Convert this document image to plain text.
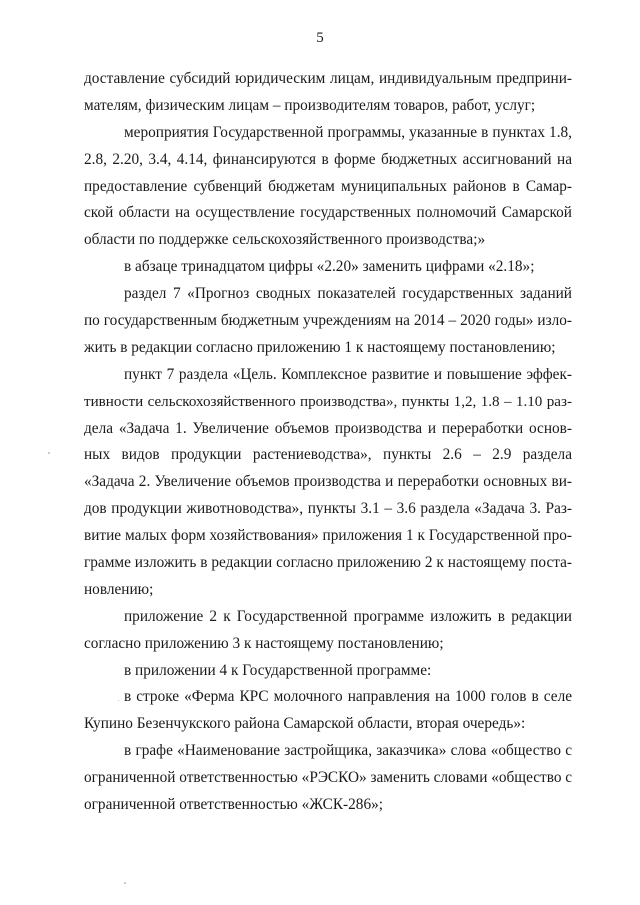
5
доставление субсидий юридическим лицам, индивидуальным предприни-
мателям, физическим лицам – производителям товаров, работ, услуг;
мероприятия Государственной программы, указанные в пунктах 1.8,
2.8, 2.20, 3.4, 4.14, финансируются в форме бюджетных ассигнований на
предоставление субвенций бюджетам муниципальных районов в Самар-
ской области на осуществление государственных полномочий Самарской
области по поддержке сельскохозяйственного производства;»
в абзаце тринадцатом цифры «2.20» заменить цифрами «2.18»;
раздел 7 «Прогноз сводных показателей государственных заданий
по государственным бюджетным учреждениям на 2014 – 2020 годы» изло-
жить в редакции согласно приложению 1 к настоящему постановлению;
пункт 7 раздела «Цель. Комплексное развитие и повышение эффек-
тивности сельскохозяйственного производства», пункты 1,2, 1.8 – 1.10 раз-
дела «Задача 1. Увеличение объемов производства и переработки основ-
ных видов продукции растениеводства», пункты 2.6 – 2.9 раздела
«Задача 2. Увеличение объемов производства и переработки основных ви-
дов продукции животноводства», пункты 3.1 – 3.6 раздела «Задача 3. Раз-
витие малых форм хозяйствования» приложения 1 к Государственной про-
грамме изложить в редакции согласно приложению 2 к настоящему поста-
новлению;
приложение 2 к Государственной программе изложить в редакции
согласно приложению 3 к настоящему постановлению;
в приложении 4 к Государственной программе:
в строке «Ферма КРС молочного направления на 1000 голов в селе
Купино Безенчукского района Самарской области, вторая очередь»:
в графе «Наименование застройщика, заказчика» слова «общество с
ограниченной ответственностью «РЭСКО» заменить словами «общество с
ограниченной ответственностью «ЖСК-286»;
